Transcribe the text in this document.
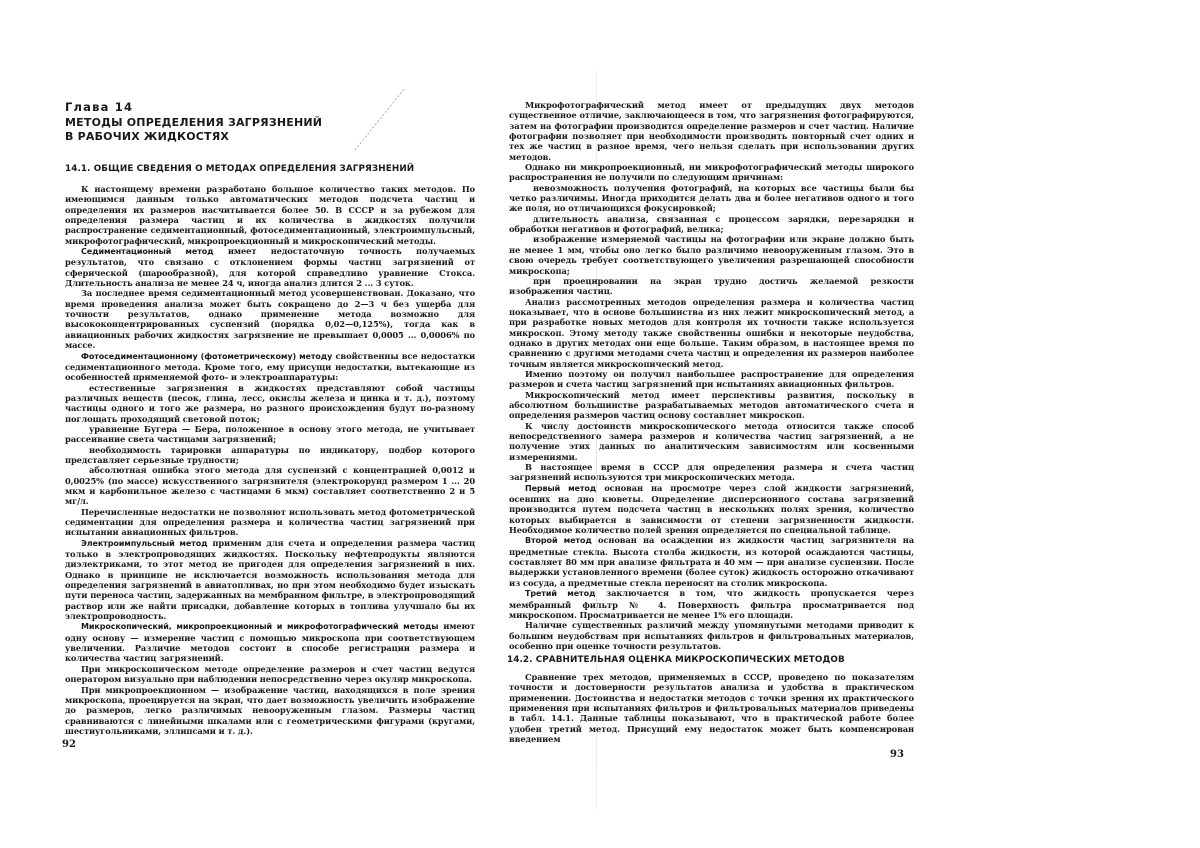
Глава 14
МЕТОДЫ ОПРЕДЕЛЕНИЯ ЗАГРЯЗНЕНИЙ
В РАБОЧИХ ЖИДКОСТЯХ
14.1. ОБЩИЕ СВЕДЕНИЯ О МЕТОДАХ ОПРЕДЕЛЕНИЯ ЗАГРЯЗНЕНИЙ

К настоящему времени разработано большое количество таких методов. По имеющимся данным только автоматических методов подсчета частиц и определения их размеров насчитывается более 50. В СССР и за рубежом для определения размера частиц и их количества в жидкостях получили распространение седиментационный, фотоседиментационный, электроимпульсный, микрофотографический, микропроекционный и микроскопический методы.

Седиментационный метод имеет недостаточную точность получаемых результатов, что связано с отклонением формы частиц загрязнений от сферической (шарообразной), для которой справедливо уравнение Стокса. Длительность анализа не менее 24 ч, иногда анализ длится 2 ... 3 суток.

За последнее время седиментационный метод усовершенствован. Доказано, что время проведения анализа может быть сокращено до 2—3 ч без ущерба для точности результатов, однако применение метода возможно для высококонцентрированных суспензий (порядка 0,02—0,125%), тогда как в авиационных рабочих жидкостях загрязнение не превышает 0,0005 ... 0,0006% по массе.

Фотоседиментационному (фотометрическому) методу свойственны все недостатки седиментационного метода. Кроме того, ему присущи недостатки, вытекающие из особенностей применяемой фото- и электроаппаратуры:

естественные загрязнения в жидкостях представляют собой частицы различных веществ (песок, глина, лесс, окислы железа и цинка и т. д.), поэтому частицы одного и того же размера, но разного происхождения будут по-разному поглощать проходящий световой поток;

уравнение Бугера — Бера, положенное в основу этого метода, не учитывает рассеивание света частицами загрязнений;

необходимость тарировки аппаратуры по индикатору, подбор которого представляет серьезные трудности;

абсолютная ошибка этого метода для суспензий с концентрацией 0,0012 и 0,0025% (по массе) искусственного загрязнителя (электрокорунд размером 1 ... 20 мкм и карбонильное железо с частицами 6 мкм) составляет соответственно 2 и 5 мг/л.

Перечисленные недостатки не позволяют использовать метод фотометрической седиментации для определения размера и количества частиц загрязнений при испытании авиационных фильтров.

Электроимпульсный метод применим для счета и определения размера частиц только в электропроводящих жидкостях. Поскольку нефтепродукты являются диэлектриками, то этот метод не пригоден для определения загрязнений в них. Однако в принципе не исключается возможность использования метода для определения загрязнений в авиатопливах, но при этом необходимо будет изыскать пути переноса частиц, задержанных на мембранном фильтре, в электропроводящий раствор или же найти присадки, добавление которых в топлива улучшало бы их электропроводность.

Микроскопический, микропроекционный и микрофотографический методы имеют одну основу — измерение частиц с помощью микроскопа при соответствующем увеличении. Различие методов состоит в способе регистрации размера и количества частиц загрязнений.

При микроскопическом методе определение размеров и счет частиц ведутся оператором визуально при наблюдении непосредственно через окуляр микроскопа.

При микропроекционном — изображение частиц, находящихся в поле зрения микроскопа, проецируется на экран, что дает возможность увеличить изображение до размеров, легко различимых невооруженным глазом. Размеры частиц сравниваются с линейными шкалами или с геометрическими фигурами (кругами, шестиугольниками, эллипсами и т. д.).

92

Микрофотографический метод имеет от предыдущих двух методов существенное отличие, заключающееся в том, что загрязнения фотографируются, затем на фотографии производится определение размеров и счет частиц. Наличие фотографии позволяет при необходимости производить повторный счет одних и тех же частиц в разное время, чего нельзя сделать при использовании других методов.

Однако ни микропроекционный, ни микрофотографический методы широкого распространения не получили по следующим причинам:

невозможность получения фотографий, на которых все частицы были бы четко различимы. Иногда приходится делать два и более негативов одного и того же поля, но отличающихся фокусировкой;

длительность анализа, связанная с процессом зарядки, перезарядки и обработки негативов и фотографий, велика;

изображение измеряемой частицы на фотографии или экране должно быть не менее 1 мм, чтобы оно легко было различимо невооруженным глазом. Это в свою очередь требует соответствующего увеличения разрешающей способности микроскопа;

при проецировании на экран трудно достичь желаемой резкости изображения частиц.

Анализ рассмотренных методов определения размера и количества частиц показывает, что в основе большинства из них лежит микроскопический метод, а при разработке новых методов для контроля их точности также используется микроскоп. Этому методу также свойственны ошибки и некоторые неудобства, однако в других методах они еще больше. Таким образом, в настоящее время по сравнению с другими методами счета частиц и определения их размеров наиболее точным является микроскопический метод.

Именно поэтому он получил наибольшее распространение для определения размеров и счета частиц загрязнений при испытаниях авиационных фильтров.

Микроскопический метод имеет перспективы развития, поскольку в абсолютном большинстве разрабатываемых методов автоматического счета и определения размеров частиц основу составляет микроскоп.

К числу достоинств микроскопического метода относится также способ непосредственного замера размеров и количества частиц загрязнений, а не получение этих данных по аналитическим зависимостям или косвенными измерениями.

В настоящее время в СССР для определения размера и счета частиц загрязнений используются три микроскопических метода.

Первый метод основан на просмотре через слой жидкости загрязнений, осевших на дно кюветы. Определение дисперсионного состава загрязнений производится путем подсчета частиц в нескольких полях зрения, количество которых выбирается в зависимости от степени загрязненности жидкости. Необходимое количество полей зрения определяется по специальной таблице.

Второй метод основан на осаждении из жидкости частиц загрязнителя на предметные стекла. Высота столба жидкости, из которой осаждаются частицы, составляет 80 мм при анализе фильтрата и 40 мм — при анализе суспензии. После выдержки установленного времени (более суток) жидкость осторожно откачивают из сосуда, а предметные стекла переносят на столик микроскопа.

Третий метод заключается в том, что жидкость пропускается через мембранный фильтр № 4. Поверхность фильтра просматривается под микроскопом. Просматривается не менее 1% его площади.

Наличие существенных различий между упомянутыми методами приводит к большим неудобствам при испытаниях фильтров и фильтровальных материалов, особенно при оценке точности результатов.

14.2. СРАВНИТЕЛЬНАЯ ОЦЕНКА МИКРОСКОПИЧЕСКИХ МЕТОДОВ

Сравнение трех методов, применяемых в СССР, проведено по показателям точности и достоверности результатов анализа и удобства в практическом применении. Достоинства и недостатки методов с точки зрения их практического применения при испытаниях фильтров и фильтровальных материалов приведены в табл. 14.1. Данные таблицы показывают, что в практической работе более удобен третий метод. Присущий ему недостаток может быть компенсирован введением

93
